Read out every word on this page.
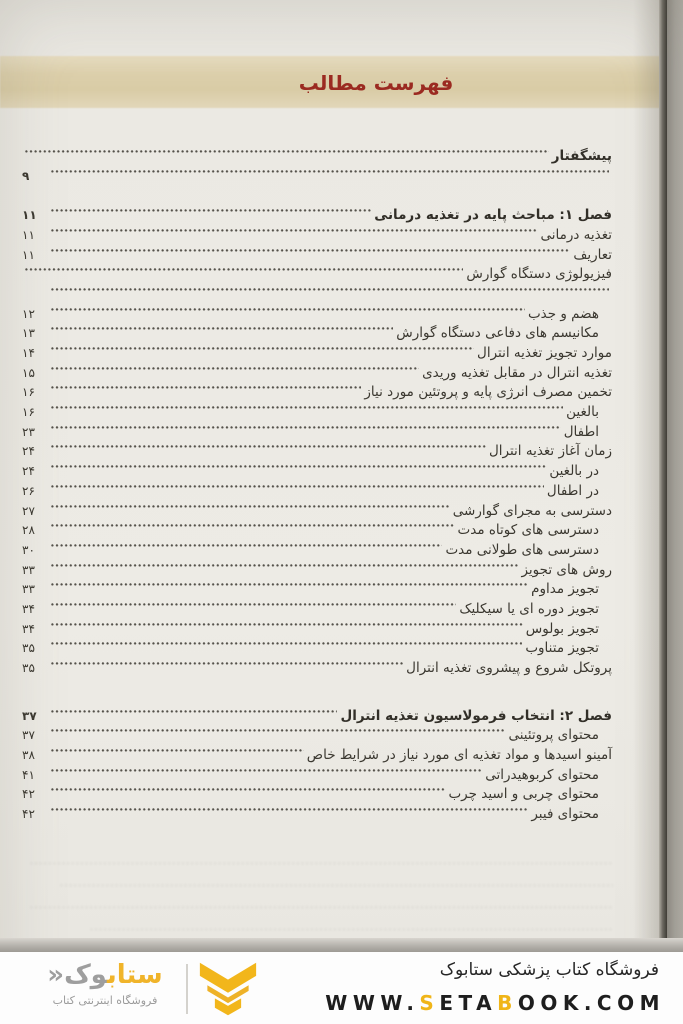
فهرست مطالب
پیشگفتار
۹
فصل ۱: مباحث پایه در تغذیه درمانی
۱۱
تغذیه درمانی
۱۱
تعاریف
۱۱
فیزیولوژی دستگاه گوارش
هضم و جذب
۱۲
مکانیسم های دفاعی دستگاه گوارش
۱۳
موارد تجویز تغذیه انترال
۱۴
تغذیه انترال در مقابل تغذیه وریدی
۱۵
تخمین مصرف انرژی پایه و پروتئین مورد نیاز
۱۶
بالغین
۱۶
اطفال
۲۳
زمان آغاز تغذیه انترال
۲۴
در بالغین
۲۴
در اطفال
۲۶
دسترسی به مجرای گوارشی
۲۷
دسترسی های کوتاه مدت
۲۸
دسترسی های طولانی مدت
۳۰
روش های تجویز
۳۳
تجویز مداوم
۳۳
تجویز دوره ای یا سیکلیک
۳۴
تجویز بولوس
۳۴
تجویز متناوب
۳۵
پروتکل شروع و پیشروی تغذیه انترال
۳۵
فصل ۲: انتخاب فرمولاسیون تغذیه انترال
۳۷
محتوای پروتئینی
۳۷
آمینو اسیدها و مواد تغذیه ای مورد نیاز در شرایط خاص
۳۸
محتوای کربوهیدراتی
۴۱
محتوای چربی و اسید چرب
۴۲
محتوای فیبر
۴۲
فروشگاه کتاب پزشکی ستابوک
WWW.SETABOOK.COM
ستابوک«
فروشگاه اینترنتی کتاب
